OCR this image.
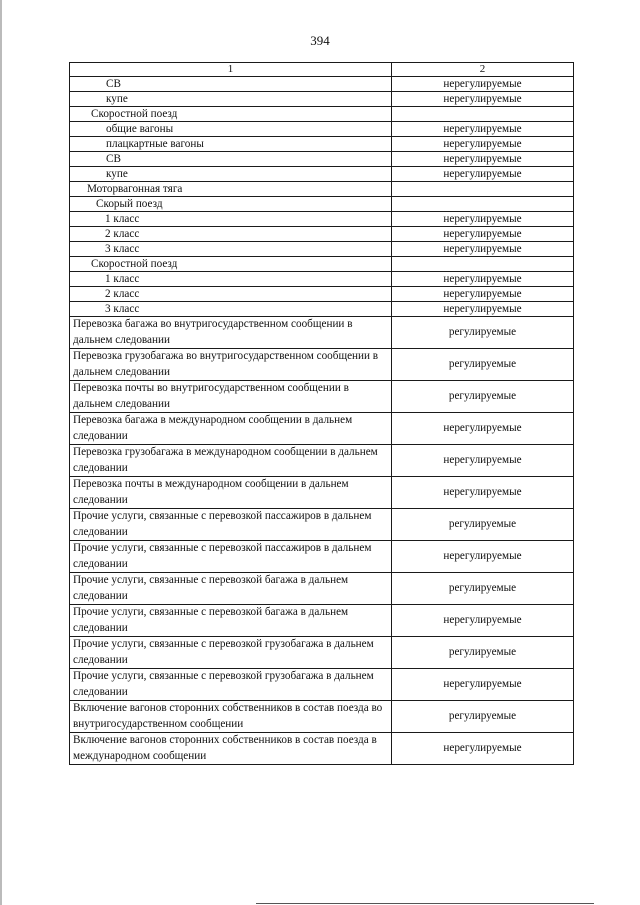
394
1	2
СВ	нерегулируемые
купе	нерегулируемые
Скоростной поезд	
общие вагоны	нерегулируемые
плацкартные вагоны	нерегулируемые
СВ	нерегулируемые
купе	нерегулируемые
Моторвагонная тяга	
Скорый поезд	
1 класс	нерегулируемые
2 класс	нерегулируемые
3 класс	нерегулируемые
Скоростной поезд	
1 класс	нерегулируемые
2 класс	нерегулируемые
3 класс	нерегулируемые
Перевозка багажа во внутригосударственном сообщении в дальнем следовании	регулируемые
Перевозка грузобагажа во внутригосударственном сообщении в дальнем следовании	регулируемые
Перевозка почты во внутригосударственном сообщении в дальнем следовании	регулируемые
Перевозка багажа в международном сообщении в дальнем следовании	нерегулируемые
Перевозка грузобагажа в международном сообщении в дальнем следовании	нерегулируемые
Перевозка почты в международном сообщении в дальнем следовании	нерегулируемые
Прочие услуги, связанные с перевозкой пассажиров в дальнем следовании	регулируемые
Прочие услуги, связанные с перевозкой пассажиров в дальнем следовании	нерегулируемые
Прочие услуги, связанные с перевозкой багажа в дальнем следовании	регулируемые
Прочие услуги, связанные с перевозкой багажа в дальнем следовании	нерегулируемые
Прочие услуги, связанные с перевозкой грузобагажа в дальнем следовании	регулируемые
Прочие услуги, связанные с перевозкой грузобагажа в дальнем следовании	нерегулируемые
Включение вагонов сторонних собственников в состав поезда во внутригосударственном сообщении	регулируемые
Включение вагонов сторонних собственников в состав поезда в международном сообщении	нерегулируемые
